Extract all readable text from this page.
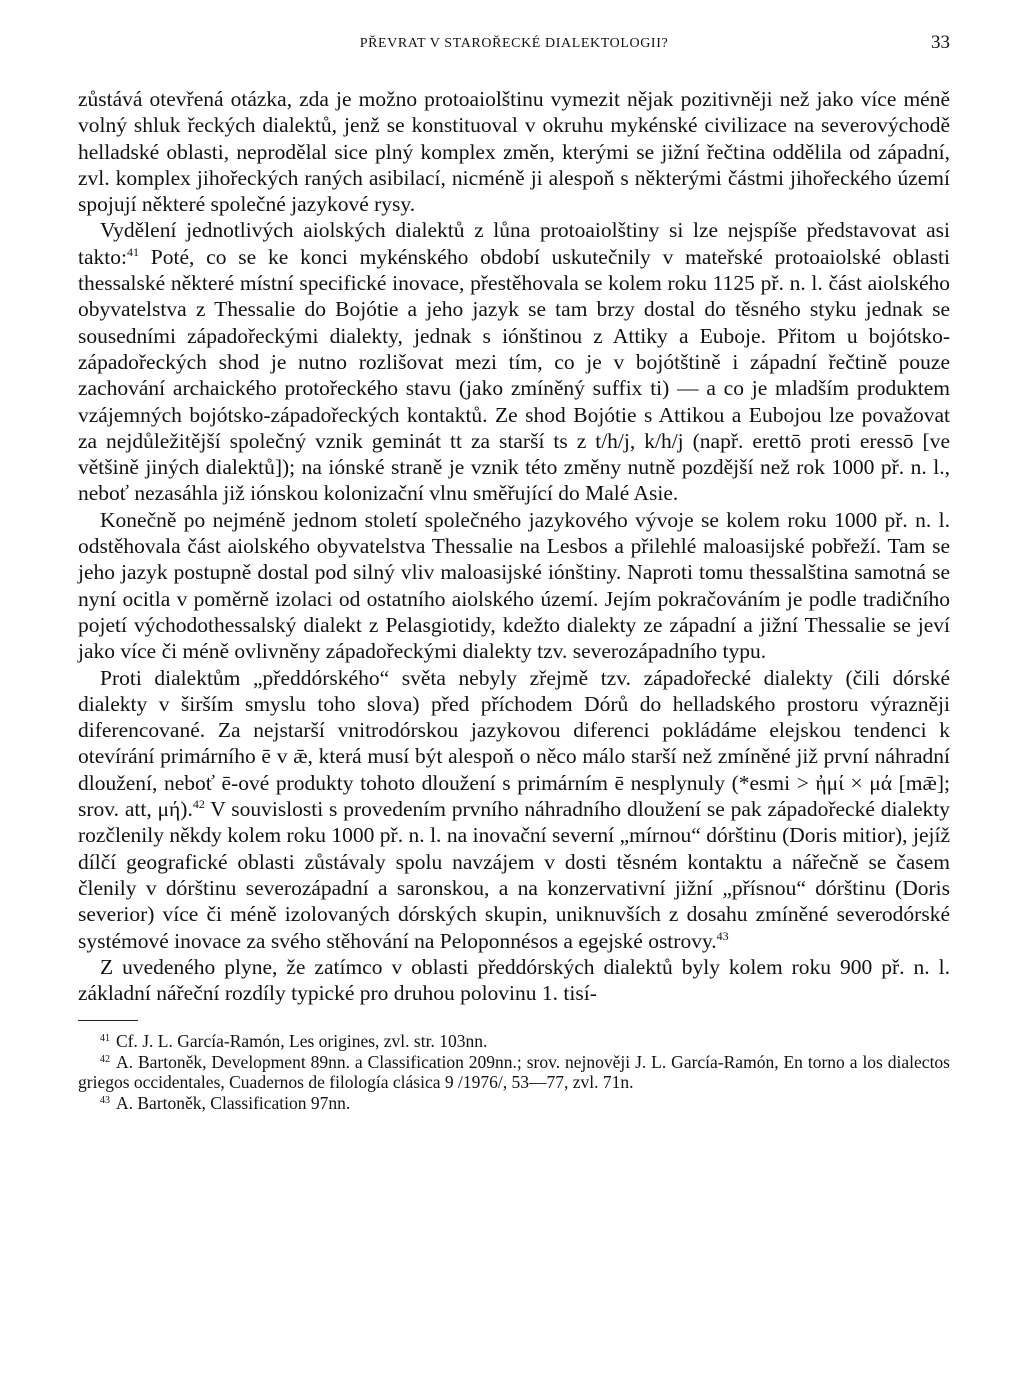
PŘEVRAT V STAROŘECKÉ DIALEKTOLOGII?	33

zůstává otevřená otázka, zda je možno protoaiolštinu vymezit nějak pozitivněji než jako více méně volný shluk řeckých dialektů, jenž se konstituoval v okruhu mykénské civilizace na severovýchodě helladské oblasti, neprodělal sice plný komplex změn, kterými se jižní řečtina oddělila od západní, zvl. komplex jihořeckých raných asibilací, nicméně ji alespoň s některými částmi jihořeckého území spojují některé společné jazykové rysy.

Vydělení jednotlivých aiolských dialektů z lůna protoaiolštiny si lze nejspíše představovat asi takto:$^{41}$ Poté, co se ke konci mykénského období uskutečnily v mateřské protoaiolské oblasti thessalské některé místní specifické inovace, přestěhovala se kolem roku 1125 př. n. l. část aiolského obyvatelstva z Thessalie do Bojótie a jeho jazyk se tam brzy dostal do těsného styku jednak se sousedními západořeckými dialekty, jednak s iónštinou z Attiky a Euboje. Přitom u bojótsko-západořeckých shod je nutno rozlišovat mezi tím, co je v bojótštině i západní řečtině pouze zachování archaického protořeckého stavu (jako zmíněný suffix ti) — a co je mladším produktem vzájemných bojótsko-západořeckých kontaktů. Ze shod Bojótie s Attikou a Eubojou lze považovat za nejdůležitější společný vznik geminát tt za starší ts z t/h/j, k/h/j (např. erettō proti eressō [ve většině jiných dialektů]); na iónské straně je vznik této změny nutně pozdější než rok 1000 př. n. l., neboť nezasáhla již iónskou kolonizační vlnu směřující do Malé Asie.

Konečně po nejméně jednom století společného jazykového vývoje se kolem roku 1000 př. n. l. odstěhovala část aiolského obyvatelstva Thessalie na Lesbos a přilehlé maloasijské pobřeží. Tam se jeho jazyk postupně dostal pod silný vliv maloasijské iónštiny. Naproti tomu thessalština samotná se nyní ocitla v poměrně izolaci od ostatního aiolského území. Jejím pokračováním je podle tradičního pojetí východothessalský dialekt z Pelasgiotidy, kdežto dialekty ze západní a jižní Thessalie se jeví jako více či méně ovlivněny západořeckými dialekty tzv. severozápadního typu.

Proti dialektům „předdórského“ světa nebyly zřejmě tzv. západořecké dialekty (čili dórské dialekty v širším smyslu toho slova) před příchodem Dórů do helladského prostoru výrazněji diferencované. Za nejstarší vnitrodórskou jazykovou diferenci pokládáme elejskou tendenci k otevírání primárního ē v ǣ, která musí být alespoň o něco málo starší než zmíněné již první náhradní dloužení, neboť ē-ové produkty tohoto dloužení s primárním ē nesplynuly (*esmi > ἠμί × μά [mǣ]; srov. att, μή).$^{42}$ V souvislosti s provedením prvního náhradního dloužení se pak západořecké dialekty rozčlenily někdy kolem roku 1000 př. n. l. na inovační severní „mírnou“ dórštinu (Doris mitior), jejíž dílčí geografické oblasti zůstávaly spolu navzájem v dosti těsném kontaktu a nářečně se časem členily v dórštinu severozápadní a saronskou, a na konzervativní jižní „přísnou“ dórštinu (Doris severior) více či méně izolovaných dórských skupin, uniknuvších z dosahu zmíněné severodórské systémové inovace za svého stěhování na Peloponnésos a egejské ostrovy.$^{43}$

Z uvedeného plyne, že zatímco v oblasti předdórských dialektů byly kolem roku 900 př. n. l. základní nářeční rozdíly typické pro druhou polovinu 1. tisí-

$^{41}$ Cf. J. L. García-Ramón, Les origines, zvl. str. 103nn.

$^{42}$ A. Bartoněk, Development 89nn. a Classification 209nn.; srov. nejnověji J. L. García-Ramón, En torno a los dialectos griegos occidentales, Cuadernos de filología clásica 9 /1976/, 53—77, zvl. 71n.

$^{43}$ A. Bartoněk, Classification 97nn.
